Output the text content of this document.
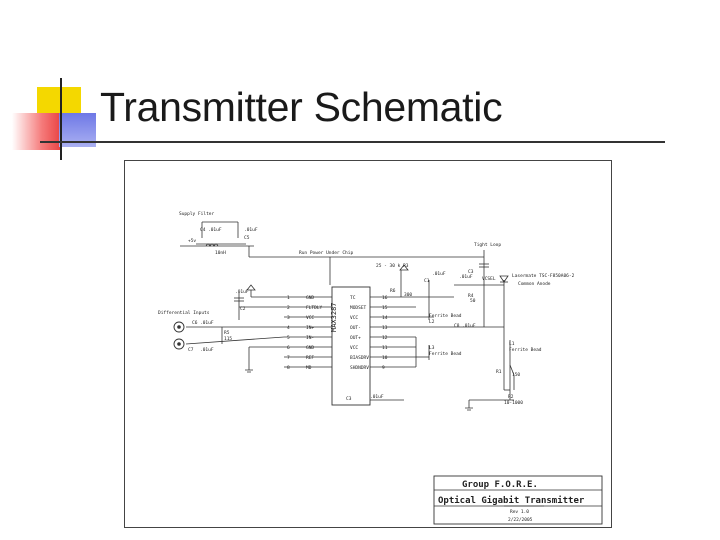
Transmitter Schematic
MAX3287
1	GND
2	FLTDLY
3	VCC
4	IN+
5	IN-
6	GND
7	REF
8	MD
TC	16
MODSET	15
VCC	14
OUT-	13
OUT+	12
VCC	11
BIASDRV	10
SHDNDRV	9
Supply Filter
C4 .01uF	.01uF
C5
+5v
10nH	Run Power Under Chip
Tight Loop
.01uF
C2
Differential Inputs
C6 .01uF
R5
115
C7 .01uF
25 - 30 k R3
R6
300
C1
.01uF	C3
.01uF VCSEL
Lasermate TSC-F850A06-2
Common Anode
R4
50
Ferrite Bead
L2
C8 .01uF
L3
Ferrite Bead
L1
Ferrite Bead
R1
150
R2
10-1000
C3	.01uF
Group F.O.R.E.
Optical Gigabit Transmitter
Rev 1.0
2/22/2005
